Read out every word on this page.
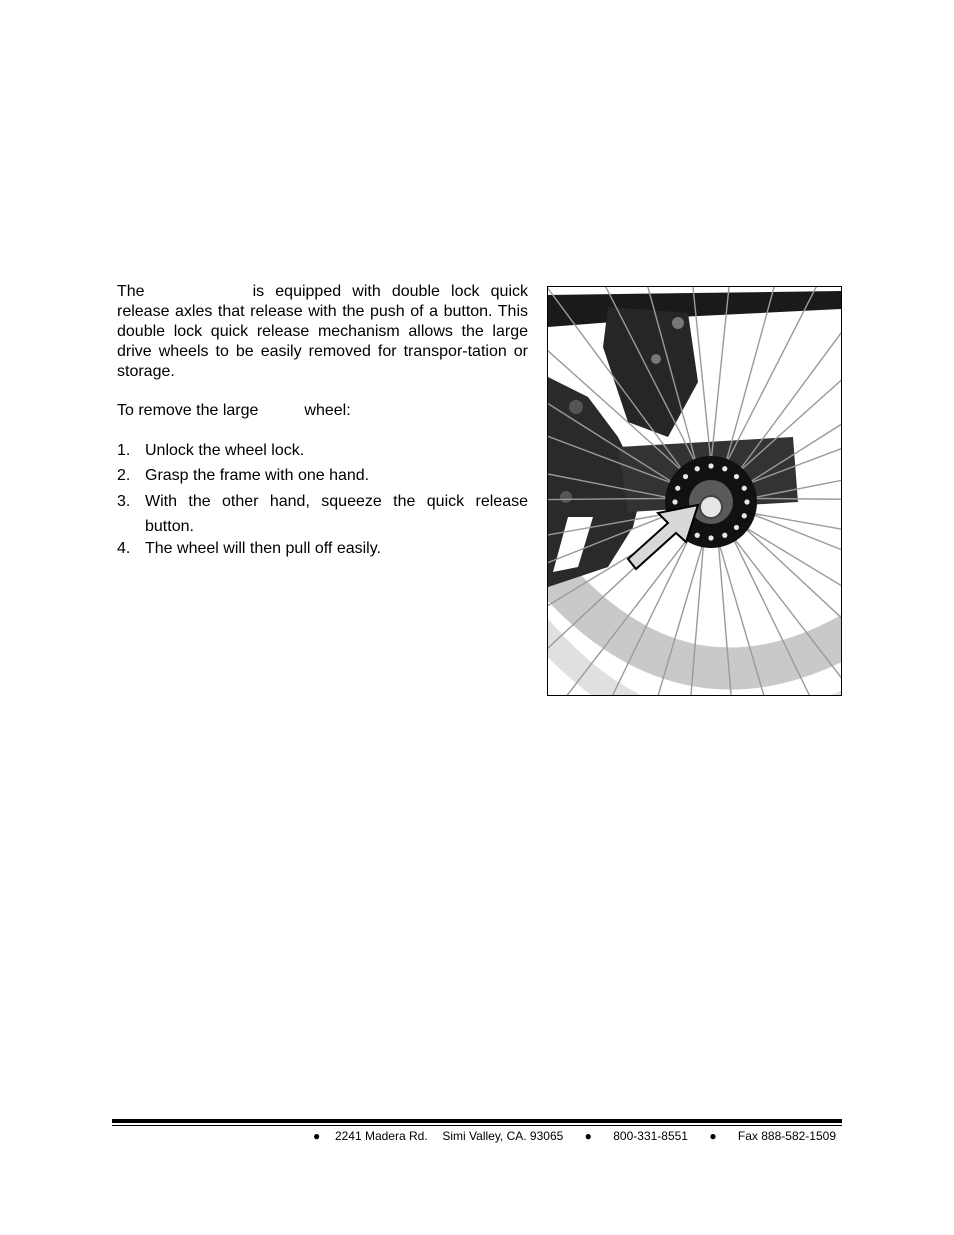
The	is equipped with double lock quick release axles that release with the push of a button. This double lock quick release mechanism allows the large drive wheels to be easily removed for transpor-tation or storage.

To remove the large	wheel:

1. Unlock the wheel lock.
2. Grasp the frame with one hand.
3. With the other hand, squeeze the quick release button.
4. The wheel will then pull off easily.
● 2241 Madera Rd. Simi Valley, CA. 93065 ● 800-331-8551 ● Fax 888-582-1509
